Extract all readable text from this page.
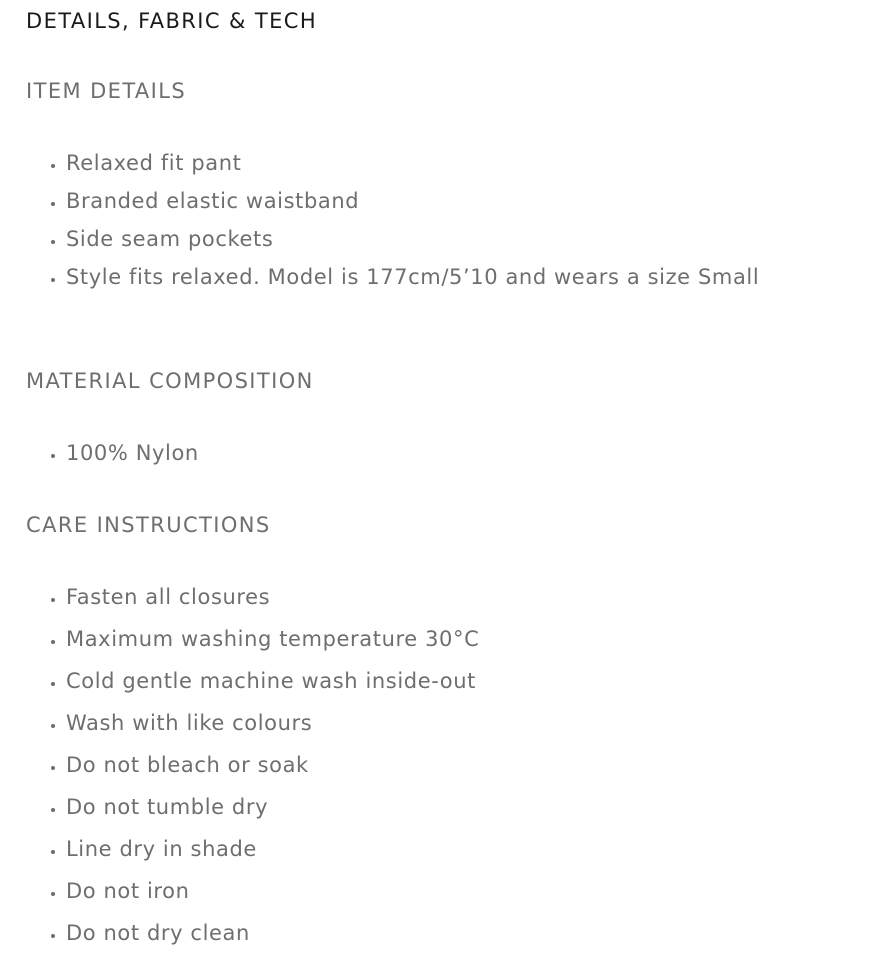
DETAILS, FABRIC & TECH
ITEM DETAILS
• Relaxed fit pant
• Branded elastic waistband
• Side seam pockets
• Style fits relaxed. Model is 177cm/5’10 and wears a size Small
MATERIAL COMPOSITION
• 100% Nylon
CARE INSTRUCTIONS
• Fasten all closures
• Maximum washing temperature 30°C
• Cold gentle machine wash inside-out
• Wash with like colours
• Do not bleach or soak
• Do not tumble dry
• Line dry in shade
• Do not iron
• Do not dry clean
